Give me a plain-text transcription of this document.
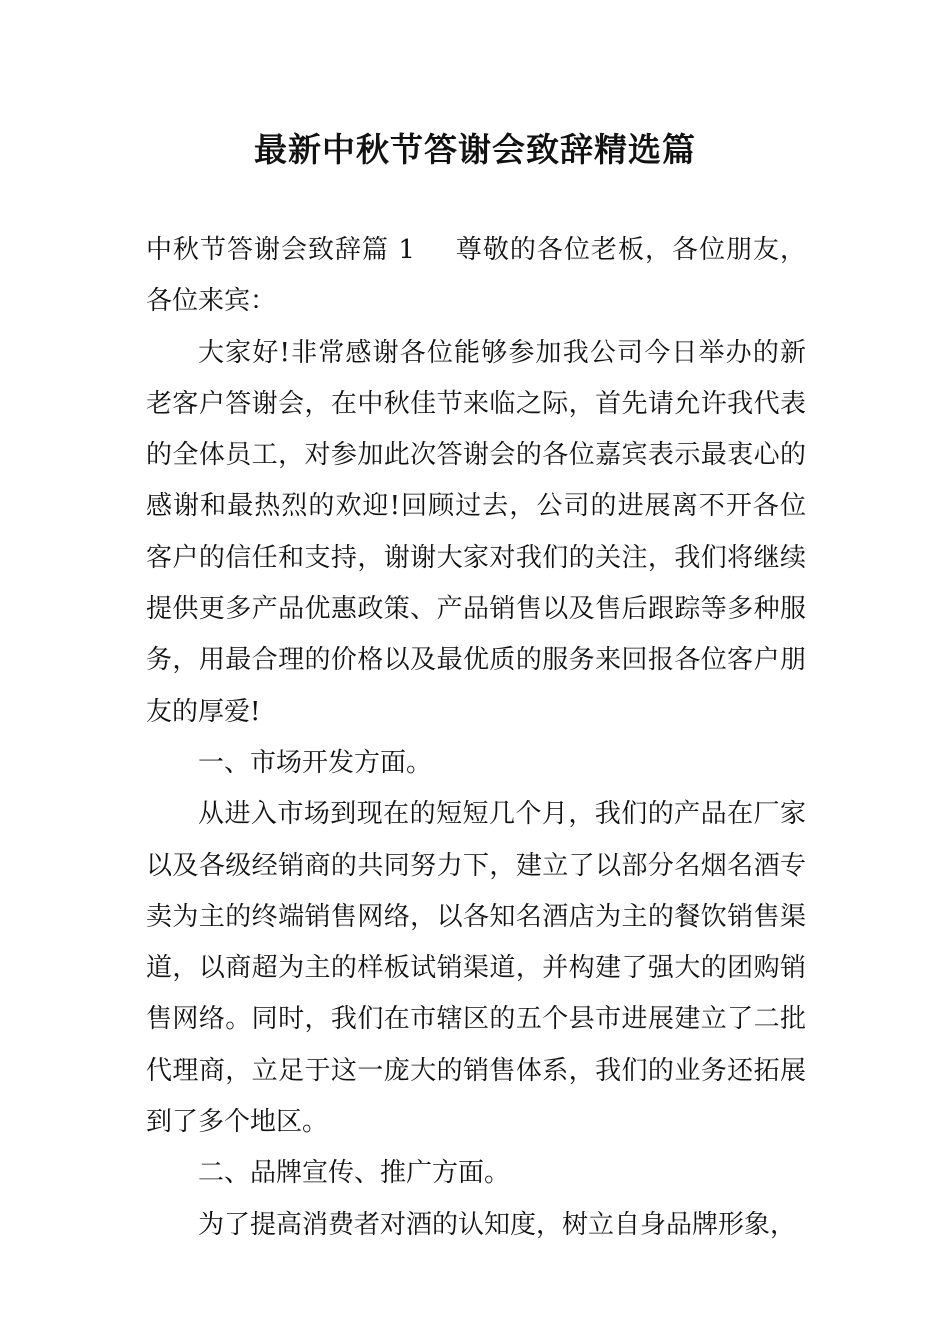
最新中秋节答谢会致辞精选篇

中秋节答谢会致辞篇 1 尊敬的各位老板，各位朋友，各位来宾：

大家好!非常感谢各位能够参加我公司今日举办的新老客户答谢会，在中秋佳节来临之际，首先请允许我代表的全体员工，对参加此次答谢会的各位嘉宾表示最衷心的感谢和最热烈的欢迎!回顾过去，公司的进展离不开各位客户的信任和支持，谢谢大家对我们的关注，我们将继续提供更多产品优惠政策、产品销售以及售后跟踪等多种服务，用最合理的价格以及最优质的服务来回报各位客户朋友的厚爱!

一、市场开发方面。

从进入市场到现在的短短几个月，我们的产品在厂家以及各级经销商的共同努力下，建立了以部分名烟名酒专卖为主的终端销售网络，以各知名酒店为主的餐饮销售渠道，以商超为主的样板试销渠道，并构建了强大的团购销售网络。同时，我们在市辖区的五个县市进展建立了二批代理商，立足于这一庞大的销售体系，我们的业务还拓展到了多个地区。

二、品牌宣传、推广方面。

为了提高消费者对酒的认知度，树立自身品牌形象，
